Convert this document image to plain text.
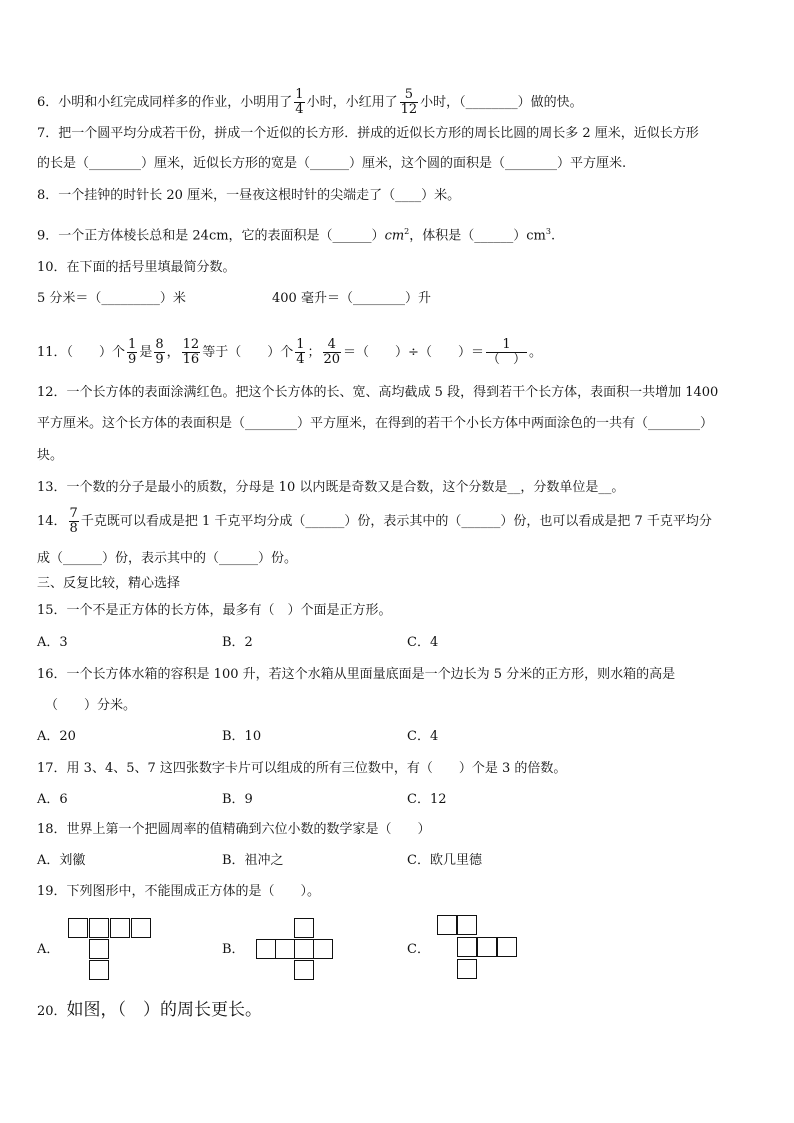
6．小明和小红完成同样多的作业，小明用了 $\frac{1}{4}$ 小时，小红用了 $\frac{5}{12}$ 小时，（________）做的快。
7．把一个圆平均分成若干份，拼成一个近似的长方形．拼成的近似长方形的周长比圆的周长多 2 厘米，近似长方形
的长是（________）厘米，近似长方形的宽是（______）厘米，这个圆的面积是（________）平方厘米.
8．一个挂钟的时针长 20 厘米，一昼夜这根时针的尖端走了（____）米。
9．一个正方体棱长总和是 24cm，它的表面积是$(\_\_\_\_\_\_)cm^2$，体积是$(\_\_\_\_\_\_)cm^3$.
10．在下面的括号里填最简分数。
5 分米＝（_________）米	400 毫升＝（________）升
11．（　　）个 $\frac{1}{9}$ 是 $\frac{8}{9}$ ， $\frac{12}{16}$ 等于（　　）个 $\frac{1}{4}$ ； $\frac{4}{20}$ ＝（　　）÷（　　）＝ $\frac{1}{( )}$ 。
12．一个长方体的表面涂满红色。把这个长方体的长、宽、高均截成 5 段，得到若干个长方体，表面积一共增加 1400
平方厘米。这个长方体的表面积是（________）平方厘米，在得到的若干个小长方体中两面涂色的一共有（________）
块。
13．一个数的分子是最小的质数，分母是 10 以内既是奇数又是合数，这个分数是__，分数单位是__。
14． $\frac{7}{8}$ 千克既可以看成是把 1 千克平均分成（______）份，表示其中的（______）份，也可以看成是把 7 千克平均分
成（______）份，表示其中的（______）份。
三、反复比较，精心选择
15．一个不是正方体的长方体，最多有（　）个面是正方形。
A．3	B．2	C．4
16．一个长方体水箱的容积是 100 升，若这个水箱从里面量底面是一个边长为 5 分米的正方形，则水箱的高是
（　　）分米。
A．20	B．10	C．4
17．用 3、4、5、7 这四张数字卡片可以组成的所有三位数中，有（　　）个是 3 的倍数。
A．6	B．9	C．12
18．世界上第一个把圆周率的值精确到六位小数的数学家是（　　）
A．刘徽	B．祖冲之	C．欧几里德
19．下列图形中，不能围成正方体的是（　　）。
A．	B．	C．
20．如图，（　）的周长更长。
